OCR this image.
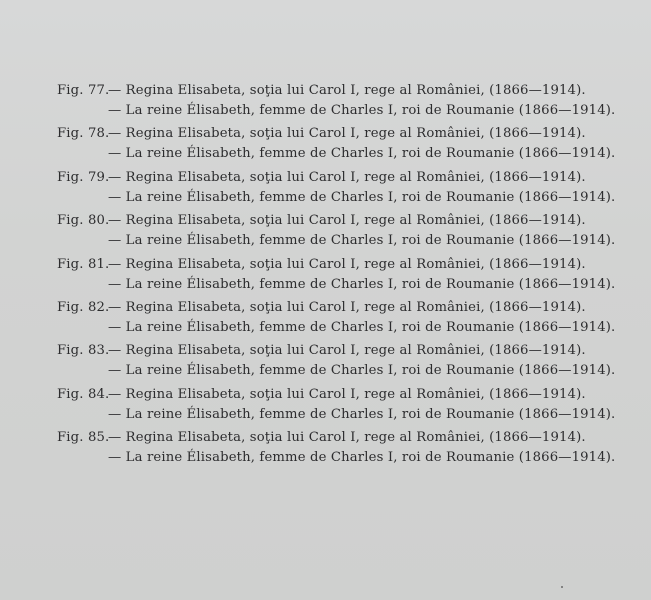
Fig. 77.— Regina Elisabeta, soţia lui Carol I, rege al României, (1866—1914).
— La reine Élisabeth, femme de Charles I, roi de Roumanie (1866—1914).
Fig. 78.— Regina Elisabeta, soţia lui Carol I, rege al României, (1866—1914).
— La reine Élisabeth, femme de Charles I, roi de Roumanie (1866—1914).
Fig. 79.— Regina Elisabeta, soţia lui Carol I, rege al României, (1866—1914).
— La reine Élisabeth, femme de Charles I, roi de Roumanie (1866—1914).
Fig. 80.— Regina Elisabeta, soţia lui Carol I, rege al României, (1866—1914).
— La reine Élisabeth, femme de Charles I, roi de Roumanie (1866—1914).
Fig. 81.— Regina Elisabeta, soţia lui Carol I, rege al României, (1866—1914).
— La reine Élisabeth, femme de Charles I, roi de Roumanie (1866—1914).
Fig. 82.— Regina Elisabeta, soţia lui Carol I, rege al României, (1866—1914).
— La reine Élisabeth, femme de Charles I, roi de Roumanie (1866—1914).
Fig. 83.— Regina Elisabeta, soţia lui Carol I, rege al României, (1866—1914).
— La reine Élisabeth, femme de Charles I, roi de Roumanie (1866—1914).
Fig. 84.— Regina Elisabeta, soţia lui Carol I, rege al României, (1866—1914).
— La reine Élisabeth, femme de Charles I, roi de Roumanie (1866—1914).
Fig. 85.— Regina Elisabeta, soţia lui Carol I, rege al României, (1866—1914).
— La reine Élisabeth, femme de Charles I, roi de Roumanie (1866—1914).
